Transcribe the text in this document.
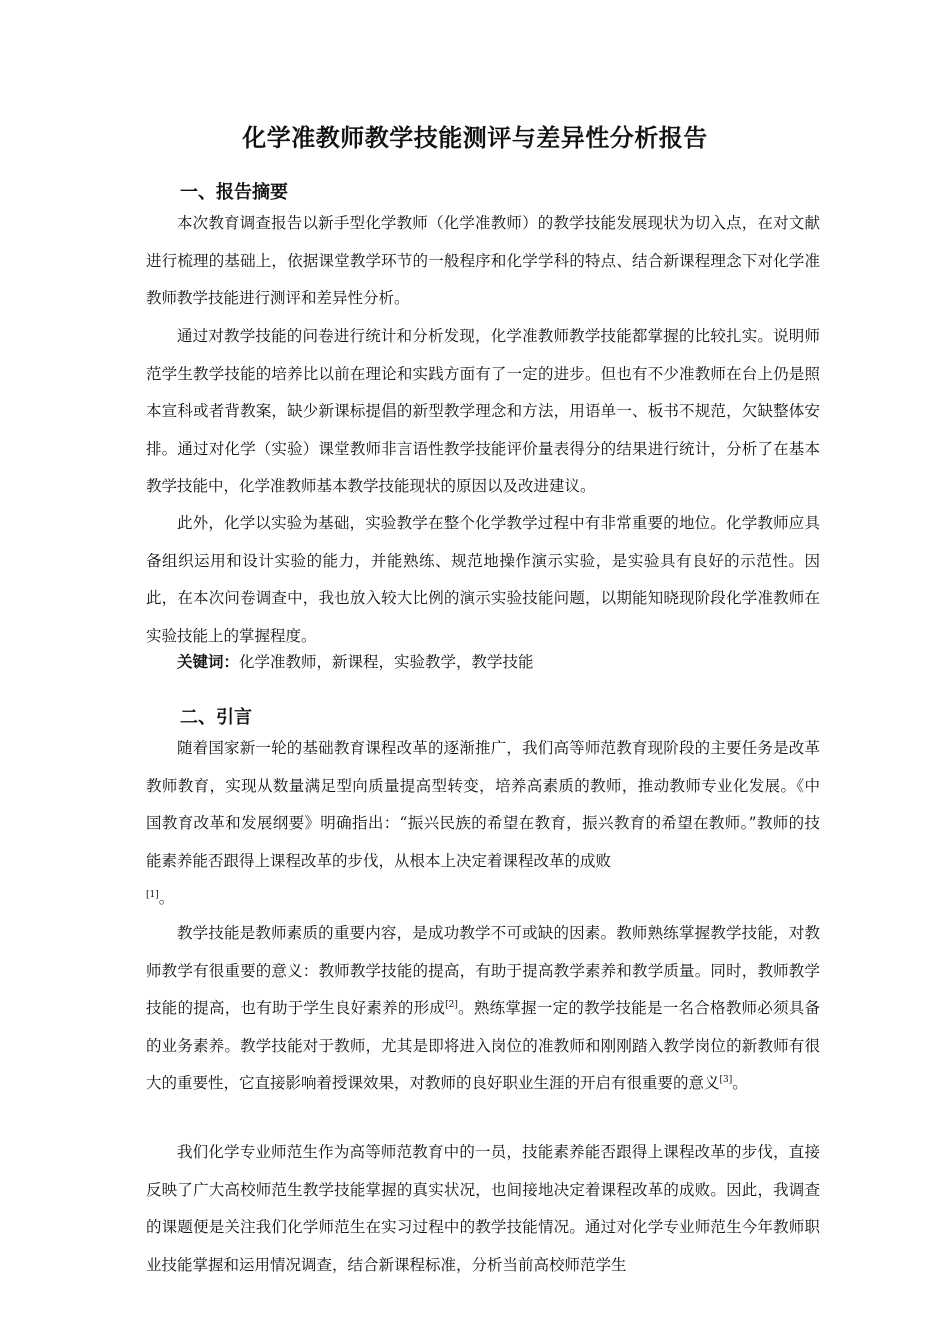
化学准教师教学技能测评与差异性分析报告
一、报告摘要

本次教育调查报告以新手型化学教师（化学准教师）的教学技能发展现状为切入点，在对文献进行梳理的基础上，依据课堂教学环节的一般程序和化学学科的特点、结合新课程理念下对化学准教师教学技能进行测评和差异性分析。

通过对教学技能的问卷进行统计和分析发现，化学准教师教学技能都掌握的比较扎实。说明师范学生教学技能的培养比以前在理论和实践方面有了一定的进步。但也有不少准教师在台上仍是照本宣科或者背教案，缺少新课标提倡的新型教学理念和方法，用语单一、板书不规范，欠缺整体安排。通过对化学（实验）课堂教师非言语性教学技能评价量表得分的结果进行统计，分析了在基本教学技能中，化学准教师基本教学技能现状的原因以及改进建议。

此外，化学以实验为基础，实验教学在整个化学教学过程中有非常重要的地位。化学教师应具备组织运用和设计实验的能力，并能熟练、规范地操作演示实验，是实验具有良好的示范性。因此，在本次问卷调查中，我也放入较大比例的演示实验技能问题，以期能知晓现阶段化学准教师在实验技能上的掌握程度。

关键词：化学准教师，新课程，实验教学，教学技能

二、引言

随着国家新一轮的基础教育课程改革的逐渐推广，我们高等师范教育现阶段的主要任务是改革教师教育，实现从数量满足型向质量提高型转变，培养高素质的教师，推动教师专业化发展。《中国教育改革和发展纲要》明确指出：“振兴民族的希望在教育，振兴教育的希望在教师。”教师的技能素养能否跟得上课程改革的步伐，从根本上决定着课程改革的成败
[1]。

教学技能是教师素质的重要内容，是成功教学不可或缺的因素。教师熟练掌握教学技能，对教师教学有很重要的意义：教师教学技能的提高，有助于提高教学素养和教学质量。同时，教师教学技能的提高，也有助于学生良好素养的形成[2]。熟练掌握一定的教学技能是一名合格教师必须具备的业务素养。教学技能对于教师，尤其是即将进入岗位的准教师和刚刚踏入教学岗位的新教师有很大的重要性，它直接影响着授课效果，对教师的良好职业生涯的开启有很重要的意义[3]。

我们化学专业师范生作为高等师范教育中的一员，技能素养能否跟得上课程改革的步伐，直接反映了广大高校师范生教学技能掌握的真实状况，也间接地决定着课程改革的成败。因此，我调查的课题便是关注我们化学师范生在实习过程中的教学技能情况。通过对化学专业师范生今年教师职业技能掌握和运用情况调查，结合新课程标准，分析当前高校师范学生
